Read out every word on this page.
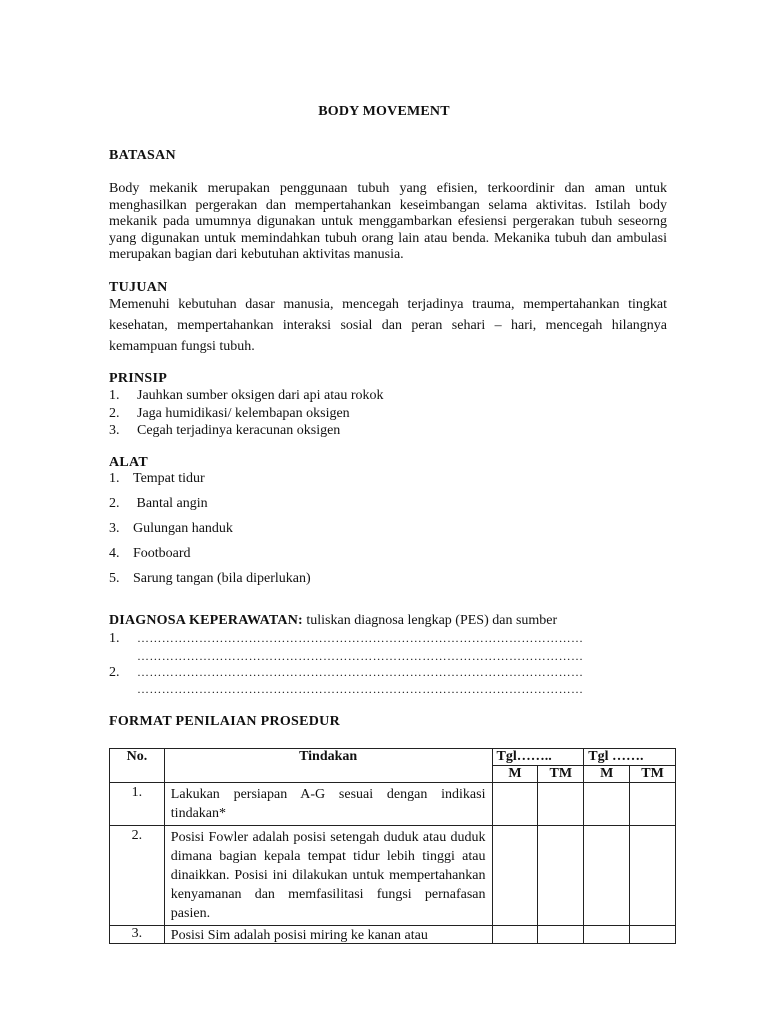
BODY MOVEMENT
BATASAN
Body mekanik merupakan penggunaan tubuh yang efisien, terkoordinir dan aman untuk menghasilkan pergerakan dan mempertahankan keseimbangan selama aktivitas. Istilah body mekanik pada umumnya digunakan untuk menggambarkan efesiensi pergerakan tubuh seseorng yang digunakan untuk memindahkan tubuh orang lain atau benda. Mekanika tubuh dan ambulasi merupakan bagian dari kebutuhan aktivitas manusia.
TUJUAN
Memenuhi kebutuhan dasar manusia, mencegah terjadinya trauma, mempertahankan tingkat kesehatan, mempertahankan interaksi sosial dan peran sehari – hari, mencegah hilangnya kemampuan fungsi tubuh.
PRINSIP
1. Jauhkan sumber oksigen dari api atau rokok
2. Jaga humidikasi/ kelembapan oksigen
3. Cegah terjadinya keracunan oksigen
ALAT
1. Tempat tidur
2. Bantal angin
3. Gulungan handuk
4. Footboard
5. Sarung tangan (bila diperlukan)
DIAGNOSA KEPERAWATAN: tuliskan diagnosa lengkap (PES) dan sumber
1. ………………………………………………………………………………………………
………………………………………………………………………………………………
2. ………………………………………………………………………………………………
………………………………………………………………………………………………
FORMAT PENILAIAN PROSEDUR
No.	Tindakan	Tgl……..		Tgl …….	
		M	TM	M	TM
1.	Lakukan persiapan A-G sesuai dengan indikasi tindakan*				
2.	Posisi Fowler adalah posisi setengah duduk atau duduk dimana bagian kepala tempat tidur lebih tinggi atau dinaikkan. Posisi ini dilakukan untuk mempertahankan kenyamanan dan memfasilitasi fungsi pernafasan pasien.				
3.	Posisi Sim adalah posisi miring ke kanan atau				
